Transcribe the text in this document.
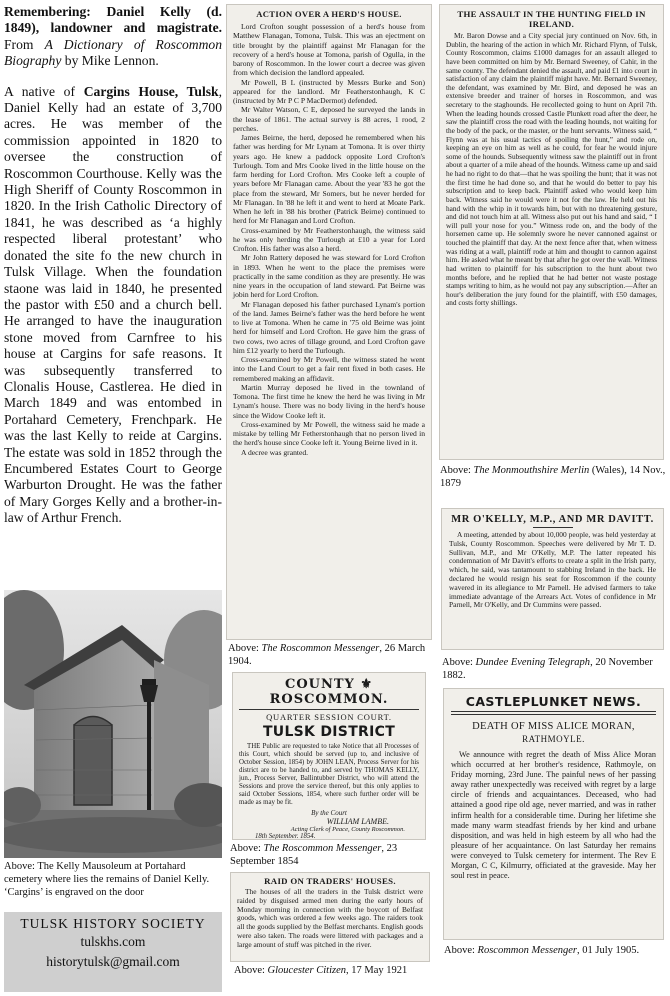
Remembering: Daniel Kelly (d. 1849), landowner and magistrate. From A Dictionary of Roscommon Biography by Mike Lennon.
A native of Cargins House, Tulsk, Daniel Kelly had an estate of 3,700 acres. He was member of the commission appointed in 1820 to oversee the construction of Roscommon Courthouse. Kelly was the High Sheriff of County Roscommon in 1820. In the Irish Catholic Directory of 1841, he was described as ‘a highly respected liberal protestant’ who donated the site fo the new church in Tulsk Village. When the foundation staone was laid in 1840, he presented the pastor with £50 and a church bell. He arranged to have the inauguration stone moved from Carnfree to his house at Cargins for safe reasons. It was subsequently transferred to Clonalis House, Castlerea. He died in March 1849 and was entombed in Portahard Cemetery, Frenchpark. He was the last Kelly to reide at Cargins. The estate was sold in 1852 through the Encumbered Estates Court to George Warburton Drought. He was the father of Mary Gorges Kelly and a brother-in-law of Arthur French.
Above: The Kelly Mausoleum at Portahard cemetery where lies the remains of Daniel Kelly. ‘Cargins’ is engraved on the door
TULSK HISTORY SOCIETY
tulskhs.com
historytulsk@gmail.com
ACTION OVER A HERD'S HOUSE.

Lord Crofton sought possession of a herd's house from Matthew Flanagan, Tomona, Tulsk. This was an ejectment on title brought by the plaintiff against Mr Flanagan for the recovery of a herd's house at Tomona, parish of Ogulla, in the barony of Roscommon. In the lower court a decree was given from which decision the landlord appealed.

Mr Powell, B L (instructed by Messrs Burke and Son) appeared for the landlord. Mr Featherstonhaugh, K C (instructed by Mr P C P MacDermot) defended.

Mr Walter Watson, C E, deposed he surveyed the lands in the lease of 1861. The actual survey is 88 acres, 1 rood, 2 perches.

James Beirne, the herd, deposed he remembered when his father was herding for Mr Lynam at Tomona. It is over thirty years ago. He knew a paddock opposite Lord Crofton's Turlough. Tom and Mrs Cooke lived in the little house on the farm herding for Lord Crofton. Mrs Cooke left a couple of years before Mr Flanagan came. About the year '83 he got the place from the steward, Mr Somers, but he never herded for Mr Flanagan. In '88 he left it and went to herd at Moate Park. When he left in '88 his brother (Patrick Beirne) continued to herd for Mr Flanagan and Lord Crofton.

Cross-examined by Mr Featherstonhaugh, the witness said he was only herding the Turlough at £10 a year for Lord Crofton. His father was also a herd.

Mr John Rattery deposed he was steward for Lord Crofton in 1893. When he went to the place the premises were practically in the same condition as they are presently. He was nine years in the occupation of land steward. Pat Beirne was jobin herd for Lord Crofton.

Mr Flanagan deposed his father purchased Lynam's portion of the land. James Beirne's father was the herd before he went to live at Tomona. When he came in '75 old Beirne was joint herd for himself and Lord Crofton. He gave him the grass of two cows, two acres of tillage ground, and Lord Crofton gave him £12 yearly to herd the Turlough.

Cross-examined by Mr Powell, the witness stated he went into the Land Court to get a fair rent fixed in both cases. He remembered making an affidavit.

Martin Murray deposed he lived in the townland of Tomona. The first time he knew the herd he was living in Mr Lynam's house. There was no body living in the herd's house since the Widow Cooke left it.

Cross-examined by Mr Powell, the witness said he made a mistake by telling Mr Fetherstonhaugh that no person lived in the herd's house since Cooke left it. Young Beirne lived in it.

A decree was granted.

Above: The Roscommon Messenger, 26 March 1904.
COUNTY ⚜ ROSCOMMON.
QUARTER SESSION COURT.
TULSK DISTRICT
THE Public are requested to take Notice that all Processes of this Court, which should be served (up to, and inclusive of October Session, 1854) by JOHN LEAN, Process Server for his district are to be handed to, and served by THOMAS KELLY, jun., Process Server, Ballintubber District, who will attend the Sessions and prove the service thereof, but this only applies to said October Sessions, 1854, where such further order will be made as may be fit.
By the Court
WILLIAM LAMBE.
Acting Clerk of Peace, County Roscommon.
18th September. 1854.
Above: The Roscommon Messenger, 23 September 1854
RAID ON TRADERS' HOUSES.
The houses of all the traders in the Tulsk district were raided by disguised armed men during the early hours of Monday morning in connection with the boycott of Belfast goods, which was ordered a few weeks ago. The raiders took all the goods supplied by the Belfast merchants. English goods were also taken. The roads were littered with packages and a large amount of stuff was pitched in the river.
Above: Gloucester Citizen, 17 May 1921
THE ASSAULT IN THE HUNTING FIELD IN IRELAND.
Mr. Baron Dowse and a City special jury continued on Nov. 6th, in Dublin, the hearing of the action in which Mr. Richard Flynn, of Tulsk, County Roscommon, claims £1000 damages for an assault alleged to have been committed on him by Mr. Bernard Sweeney, of Cahir, in the same county. The defendant denied the assault, and paid £1 into court in satisfaction of any claim the plaintiff might have. Mr. Bernard Sweeney, the defendant, was examined by Mr. Bird, and deposed he was an extensive breeder and trainer of horses in Roscommon, and was secretary to the staghounds. He recollected going to hunt on April 7th. When the leading hounds crossed Castle Plunkett road after the deer, he saw the plaintiff cross the road with the leading hounds, not waiting for the body of the pack, or the master, or the hunt servants. Witness said, “ Flynn was at his usual tactics of spoiling the hunt,” and rode on, keeping an eye on him as well as he could, for fear he would injure some of the hounds. Subsequently witness saw the plaintiff out in front about a quarter of a mile ahead of the hounds. Witness came up and said he had no right to do that—that he was spoiling the hunt; that it was not the first time he had done so, and that he would do better to pay his subscription and to keep back. Plaintiff asked who would keep him back. Witness said he would were it not for the law. He held out his hand with the whip in it towards him, but with no threatening gesture, and did not touch him at all. Witness also put out his hand and said, “ I will pull your nose for you.” Witness rode on, and the body of the horsemen came up. He solemnly swore he never cannoned against or touched the plaintiff that day. At the next fence after that, when witness was riding at a wall, plaintiff rode at him and thought to cannon against him. He asked what he meant by that after he got over the wall. Witness had written to plaintiff for his subscription to the hunt about two months before, and he replied that he had better not waste postage stamps writing to him, as he would not pay any subscription.—After an hour's deliberation the jury found for the plaintiff, with £50 damages, and costs forty shillings.
Above: The Monmouthshire Merlin (Wales), 14 Nov., 1879
MR O'KELLY, M.P., AND MR DAVITT.
A meeting, attended by about 10,000 people, was held yesterday at Tulsk, County Roscommon. Speeches were delivered by Mr T. D. Sullivan, M.P., and Mr O'Kelly, M.P. The latter repeated his condemnation of Mr Davitt's efforts to create a split in the Irish party, which, he said, was tantamount to stabbing Ireland in the back. He declared he would resign his seat for Roscommon if the county wavered in its allegiance to Mr Parnell. He advised farmers to take immediate advantage of the Arrears Act. Votes of confidence in Mr Parnell, Mr O'Kelly, and Dr Cummins were passed.
Above: Dundee Evening Telegraph, 20 November 1882.
CASTLEPLUNKET NEWS.
DEATH OF MISS ALICE MORAN,
RATHMOYLE.
We announce with regret the death of Miss Alice Moran which occurred at her brother's residence, Rathmoyle, on Friday morning, 23rd June. The painful news of her passing away rather unexpectedly was received with regret by a large circle of friends and acquaintances. Deceased, who had attained a good ripe old age, never married, and was in rather infirm health for a considerable time. During her lifetime she made many warm steadfast friends by her kind and urbane disposition, and was held in high esteem by all who had the pleasure of her acquaintance. On last Saturday her remains were conveyed to Tulsk cemetery for interment. The Rev E Morgan, C C, Kilmurry, officiated at the graveside. May her soul rest in peace.
Above: Roscommon Messenger, 01 July 1905.
